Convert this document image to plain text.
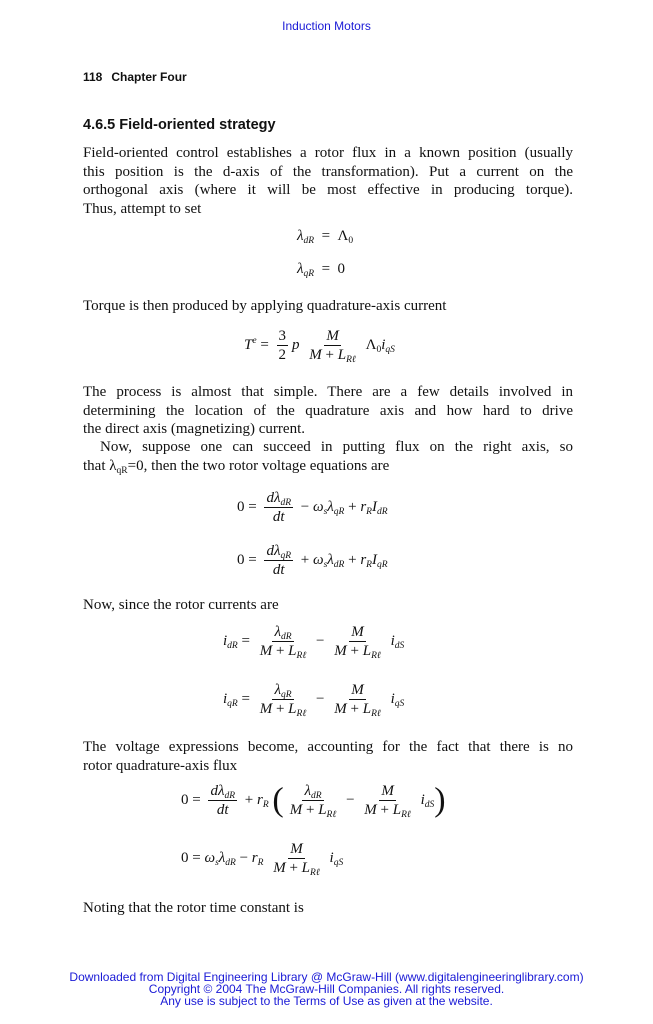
Induction Motors
118 Chapter Four
4.6.5 Field-oriented strategy
Field-oriented control establishes a rotor flux in a known position (usually
this position is the d-axis of the transformation). Put a current on the
orthogonal axis (where it will be most effective in producing torque).
Thus, attempt to set
$\lambda_{dR} = \Lambda_0$
$\lambda_{qR} = 0$
Torque is then produced by applying quadrature-axis current
$T^e = \frac{3}{2}$ p $\frac{M}{M + L_{R\ell}} \Lambda_0i_{qS}$
The process is almost that simple. There are a few details involved in
determining the location of the quadrature axis and how hard to drive
the direct axis (magnetizing) current.
Now, suppose one can succeed in putting flux on the right axis, so
that $\lambda_{qR}=0$, then the two rotor voltage equations are
$0 = \frac{d\lambda_{dR}}{dt} - \omega_s\lambda_{qR} + r_RI_{dR}$
$0 = \frac{d\lambda_{qR}}{dt} + \omega_s\lambda_{dR} + r_RI_{qR}$
Now, since the rotor currents are
$i_{dR} = \frac{\lambda_{dR}}{M + L_{R\ell}} - \frac{M}{M + L_{R\ell}} i_{dS}$
$i_{qR} = \frac{\lambda_{qR}}{M + L_{R\ell}} - \frac{M}{M + L_{R\ell}} i_{qS}$
The voltage expressions become, accounting for the fact that there is no
rotor quadrature-axis flux
$0 = \frac{d\lambda_{dR}}{dt} + r_R$ ( $\frac{\lambda_{dR}}{M + L_{R\ell}} - \frac{M}{M + L_{R\ell}} i_{dS}$)
$0 = \omega_s\lambda_{dR} - r_R \frac{M}{M + L_{R\ell}} i_{qS}$
Noting that the rotor time constant is
Downloaded from Digital Engineering Library @ McGraw-Hill (www.digitalengineeringlibrary.com)
Copyright © 2004 The McGraw-Hill Companies. All rights reserved.
Any use is subject to the Terms of Use as given at the website.
